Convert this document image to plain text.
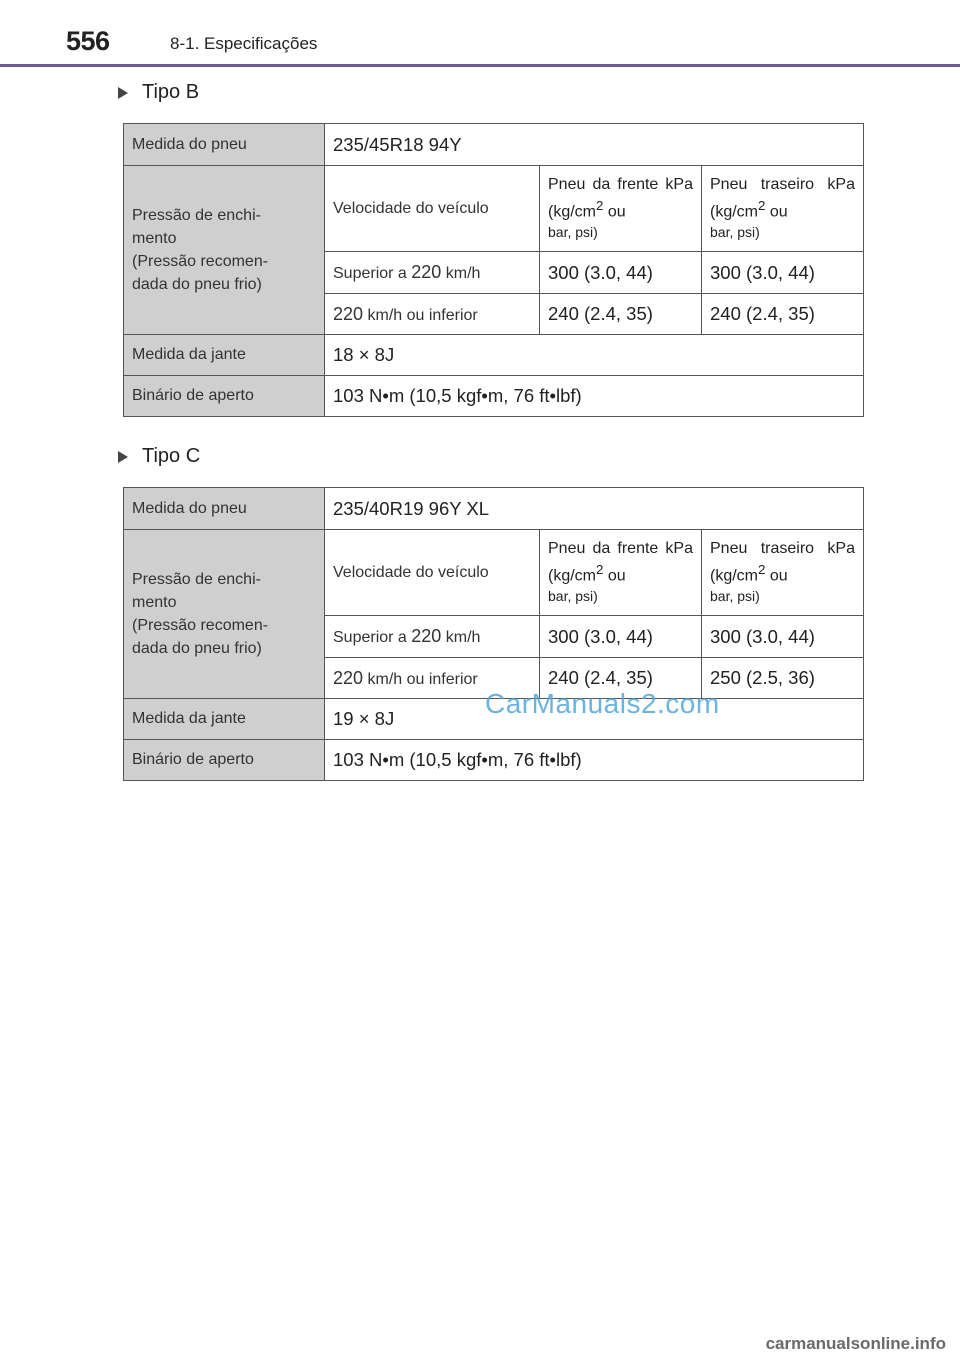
556	8-1. Especificações
Tipo B
Medida do pneu	235/45R18 94Y		
Pressão de enchi-
mento
(Pressão recomen-
dada do pneu frio)	Velocidade do veículo	Pneu da frente kPa ($kg/cm^2$ ou
bar, psi)	Pneu traseiro kPa ($kg/cm^2$ ou
bar, psi)
	Superior a 220 km/h	300 (3.0, 44)	300 (3.0, 44)
	220 km/h ou inferior	240 (2.4, 35)	240 (2.4, 35)
Medida da jante	18 × 8J		
Binário de aperto	103 N•m (10,5 kgf•m, 76 ft•lbf)		
Tipo C
Medida do pneu	235/40R19 96Y XL		
Pressão de enchi-
mento
(Pressão recomen-
dada do pneu frio)	Velocidade do veículo	Pneu da frente kPa ($kg/cm^2$ ou
bar, psi)	Pneu traseiro kPa ($kg/cm^2$ ou
bar, psi)
	Superior a 220 km/h	300 (3.0, 44)	300 (3.0, 44)
	220 km/h ou inferior	240 (2.4, 35)	250 (2.5, 36)
Medida da jante	19 × 8J		
Binário de aperto	103 N•m (10,5 kgf•m, 76 ft•lbf)		
CarManuals2.com
carmanualsonline.info
